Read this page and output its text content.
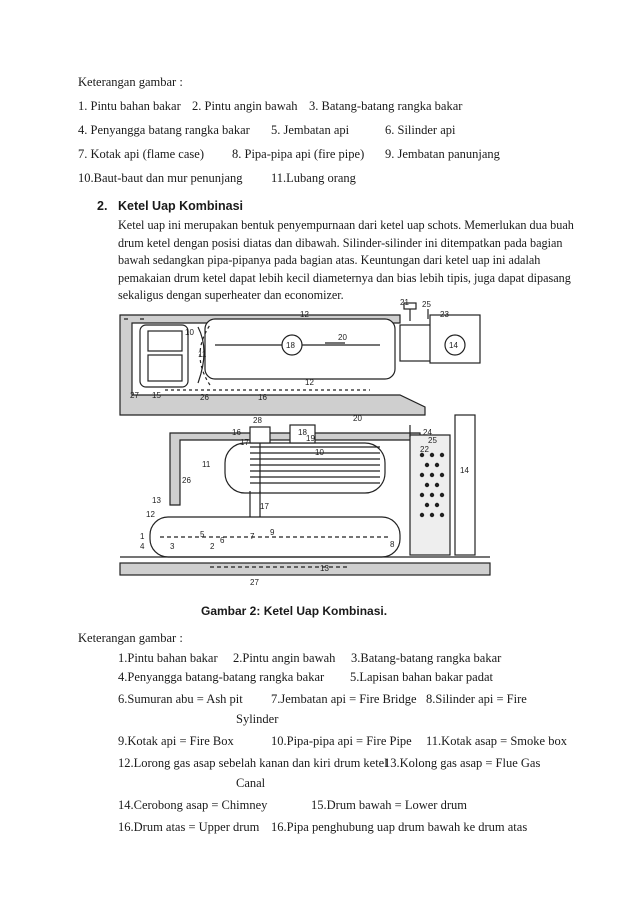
Keterangan gambar :
1. Pintu bahan bakar 2. Pintu angin bawah 3. Batang-batang rangka bakar
4. Penyangga batang rangka bakar 5. Jembatan api	6. Silinder api
7. Kotak api (flame case) 8. Pipa-pipa api (fire pipe) 9. Jembatan panunjang
10.Baut-baut dan mur penunjang 11.Lubang orang
2. Ketel Uap Kombinasi
Ketel uap ini merupakan bentuk penyempurnaan dari ketel uap schots. Memerlukan dua buah
drum ketel dengan posisi diatas dan dibawah. Silinder-silinder ini ditempatkan pada bagian
bawah sedangkan pipa-pipanya pada bagian atas. Keuntungan dari ketel uap ini adalah
pemakaian drum ketel dapat lebih kecil diameternya dan bias lebih tipis, juga dapat dipasang
sekaligus dengan superheater dan economizer.
21 25
23
12
20
18	14
10
11
27 15	26	16
12
20
16
28
18
19
17
10
24
25
22
11
14
26
13
12
1
4	3
5
2
6	7
17
8
9
27
13
Gambar 2: Ketel Uap Kombinasi.
Keterangan gambar :
1.Pintu bahan bakar 2.Pintu angin bawah 3.Batang-batang rangka bakar
4.Penyangga batang-batang rangka bakar 5.Lapisan bahan bakar padat
6.Sumuran abu = Ash pit 7.Jembatan api = Fire Bridge 8.Silinder api = Fire
Sylinder
9.Kotak api = Fire Box	10.Pipa-pipa api = Fire Pipe 11.Kotak asap = Smoke box
12.Lorong gas asap sebelah kanan dan kiri drum ketel
13.Kolong gas asap = Flue Gas
Canal
14.Cerobong asap = Chimney	15.Drum bawah = Lower drum
16.Drum atas = Upper drum 16.Pipa penghubung uap drum bawah ke drum atas
